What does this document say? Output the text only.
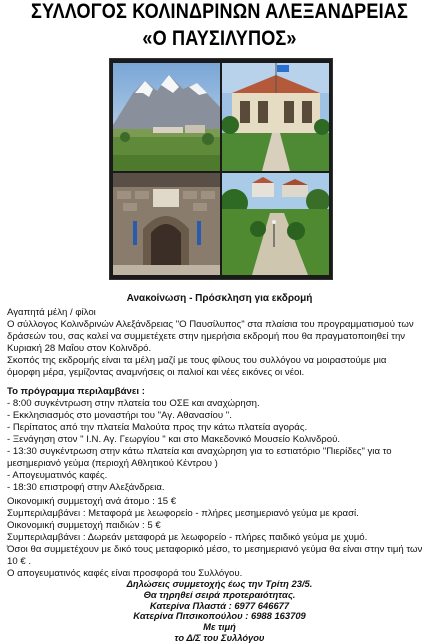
ΣΥΛΛΟΓΟΣ ΚΟΛΙΝΔΡΙΝΩΝ ΑΛΕΞΑΝΔΡΕΙΑΣ
«Ο ΠΑΥΣΙΛΥΠΟΣ»
Ανακοίνωση - Πρόσκληση για εκδρομή
Αγαπητά μέλη / φίλοι
Ο σύλλογος Κολινδρινών Αλεξάνδρειας "Ο Παυσίλυπος" στα πλαίσια του προγραμματισμού των
δράσεών του, σας καλεί να συμμετέχετε στην ημερήσια εκδρομή που θα πραγματοποιηθεί την
Κυριακή 28 Μαΐου στον Κολινδρό.
Σκοπός της εκδρομής είναι τα μέλη μαζί με τους φίλους του συλλόγου να μοιραστούμε μια
όμορφη μέρα, γεμίζοντας αναμνήσεις οι παλιοί και νέες εικόνες οι νέοι.
Το πρόγραμμα περιλαμβάνει :
- 8:00 συγκέντρωση στην πλατεία του ΟΣΕ και αναχώρηση.
- Εκκλησιασμός στο μοναστήρι του "Αγ. Αθανασίου ".
- Περίπατος από την πλατεία Μαλούτα προς την κάτω πλατεία αγοράς.
- Ξενάγηση στον " Ι.Ν. Αγ. Γεωργίου " και στο Μακεδονικό Μουσείο Κολινδρού.
- 13:30 συγκέντρωση στην κάτω πλατεία και αναχώρηση για το εστιατόριο "Πιερίδες" για το
μεσημεριανό γεύμα (περιοχή Αθλητικού Κέντρου )
- Απογευματινός καφές.
- 18:30 επιστροφή στην Αλεξάνδρεια.
Οικονομική συμμετοχή ανά άτομο : 15 €
Συμπεριλαμβάνει : Μεταφορά με λεωφορείο - πλήρες μεσημεριανό γεύμα με κρασί.
Οικονομική συμμετοχή παιδιών : 5 €
Συμπεριλαμβάνει : Δωρεάν μεταφορά με λεωφορείο - πλήρες παιδικό γεύμα με χυμό.
Όσοι θα συμμετέχουν με δικό τους μεταφορικό μέσο, το μεσημεριανό γεύμα θα είναι στην τιμή των
10 € .
Ο απογευματινός καφές είναι προσφορά του Συλλόγου.
Δηλώσεις συμμετοχής έως την Τρίτη 23/5.
Θα τηρηθεί σειρά προτεραιότητας.
Κατερίνα Πλαστά : 6977 646677
Κατερίνα Πιτσικοπούλου : 6988 163709
Με τιμή
το Δ/Σ του Συλλόγου
